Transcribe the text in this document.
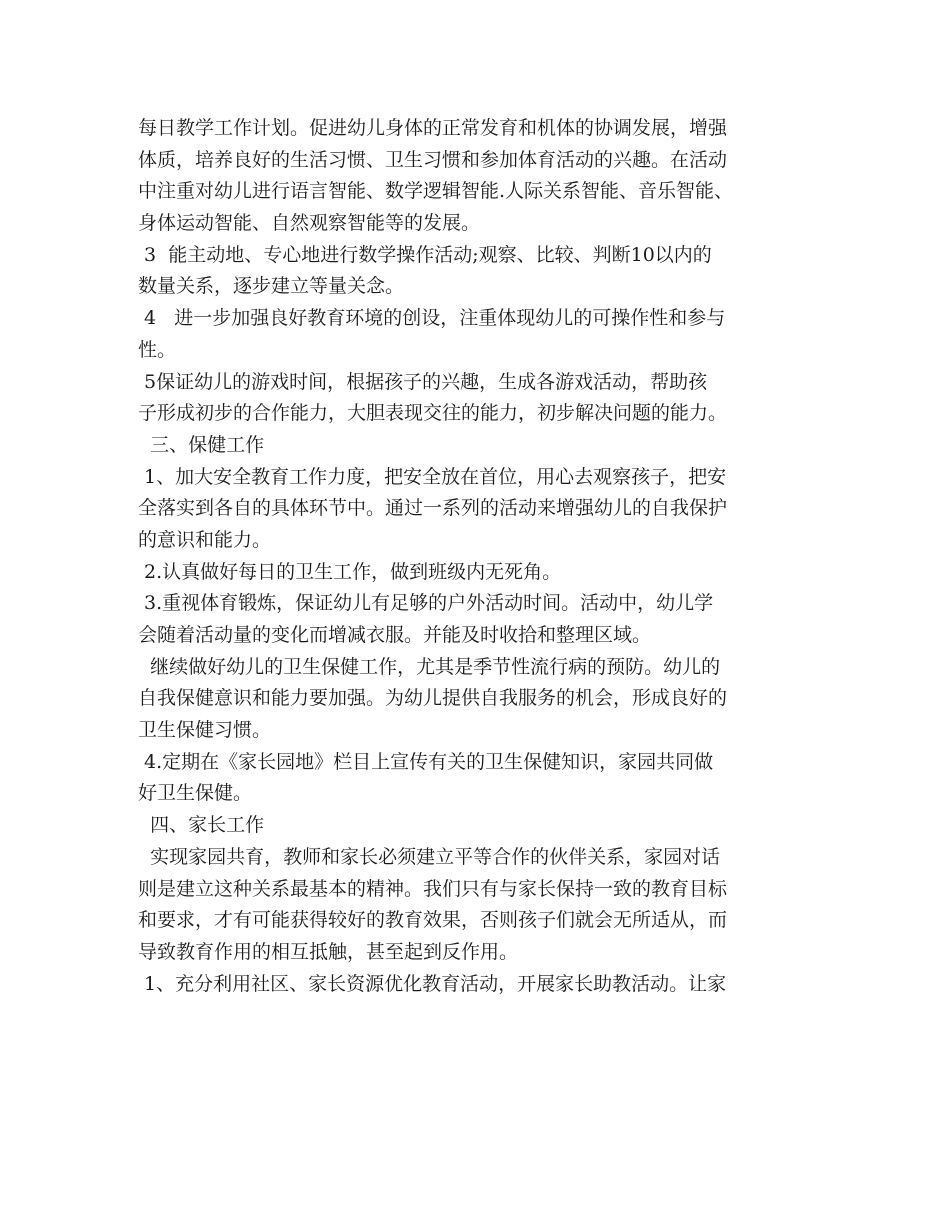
每日教学工作计划。促进幼儿身体的正常发育和机体的协调发展，增强
体质，培养良好的生活习惯、卫生习惯和参加体育活动的兴趣。在活动
中注重对幼儿进行语言智能、数学逻辑智能.人际关系智能、音乐智能、
身体运动智能、自然观察智能等的发展。
3  能主动地、专心地进行数学操作活动;观察、比较、判断10以内的
数量关系，逐步建立等量关念。
4   进一步加强良好教育环境的创设，注重体现幼儿的可操作性和参与
性。
5保证幼儿的游戏时间，根据孩子的兴趣，生成各游戏活动，帮助孩
子形成初步的合作能力，大胆表现交往的能力，初步解决问题的能力。
三、保健工作
1、加大安全教育工作力度，把安全放在首位，用心去观察孩子，把安
全落实到各自的具体环节中。通过一系列的活动来增强幼儿的自我保护
的意识和能力。
2.认真做好每日的卫生工作，做到班级内无死角。
3.重视体育锻炼，保证幼儿有足够的户外活动时间。活动中，幼儿学
会随着活动量的变化而增减衣服。并能及时收拾和整理区域。
继续做好幼儿的卫生保健工作，尤其是季节性流行病的预防。幼儿的
自我保健意识和能力要加强。为幼儿提供自我服务的机会，形成良好的
卫生保健习惯。
4.定期在《家长园地》栏目上宣传有关的卫生保健知识，家园共同做
好卫生保健。
四、家长工作
实现家园共育，教师和家长必须建立平等合作的伙伴关系，家园对话
则是建立这种关系最基本的精神。我们只有与家长保持一致的教育目标
和要求，才有可能获得较好的教育效果，否则孩子们就会无所适从，而
导致教育作用的相互抵触，甚至起到反作用。
1、充分利用社区、家长资源优化教育活动，开展家长助教活动。让家
